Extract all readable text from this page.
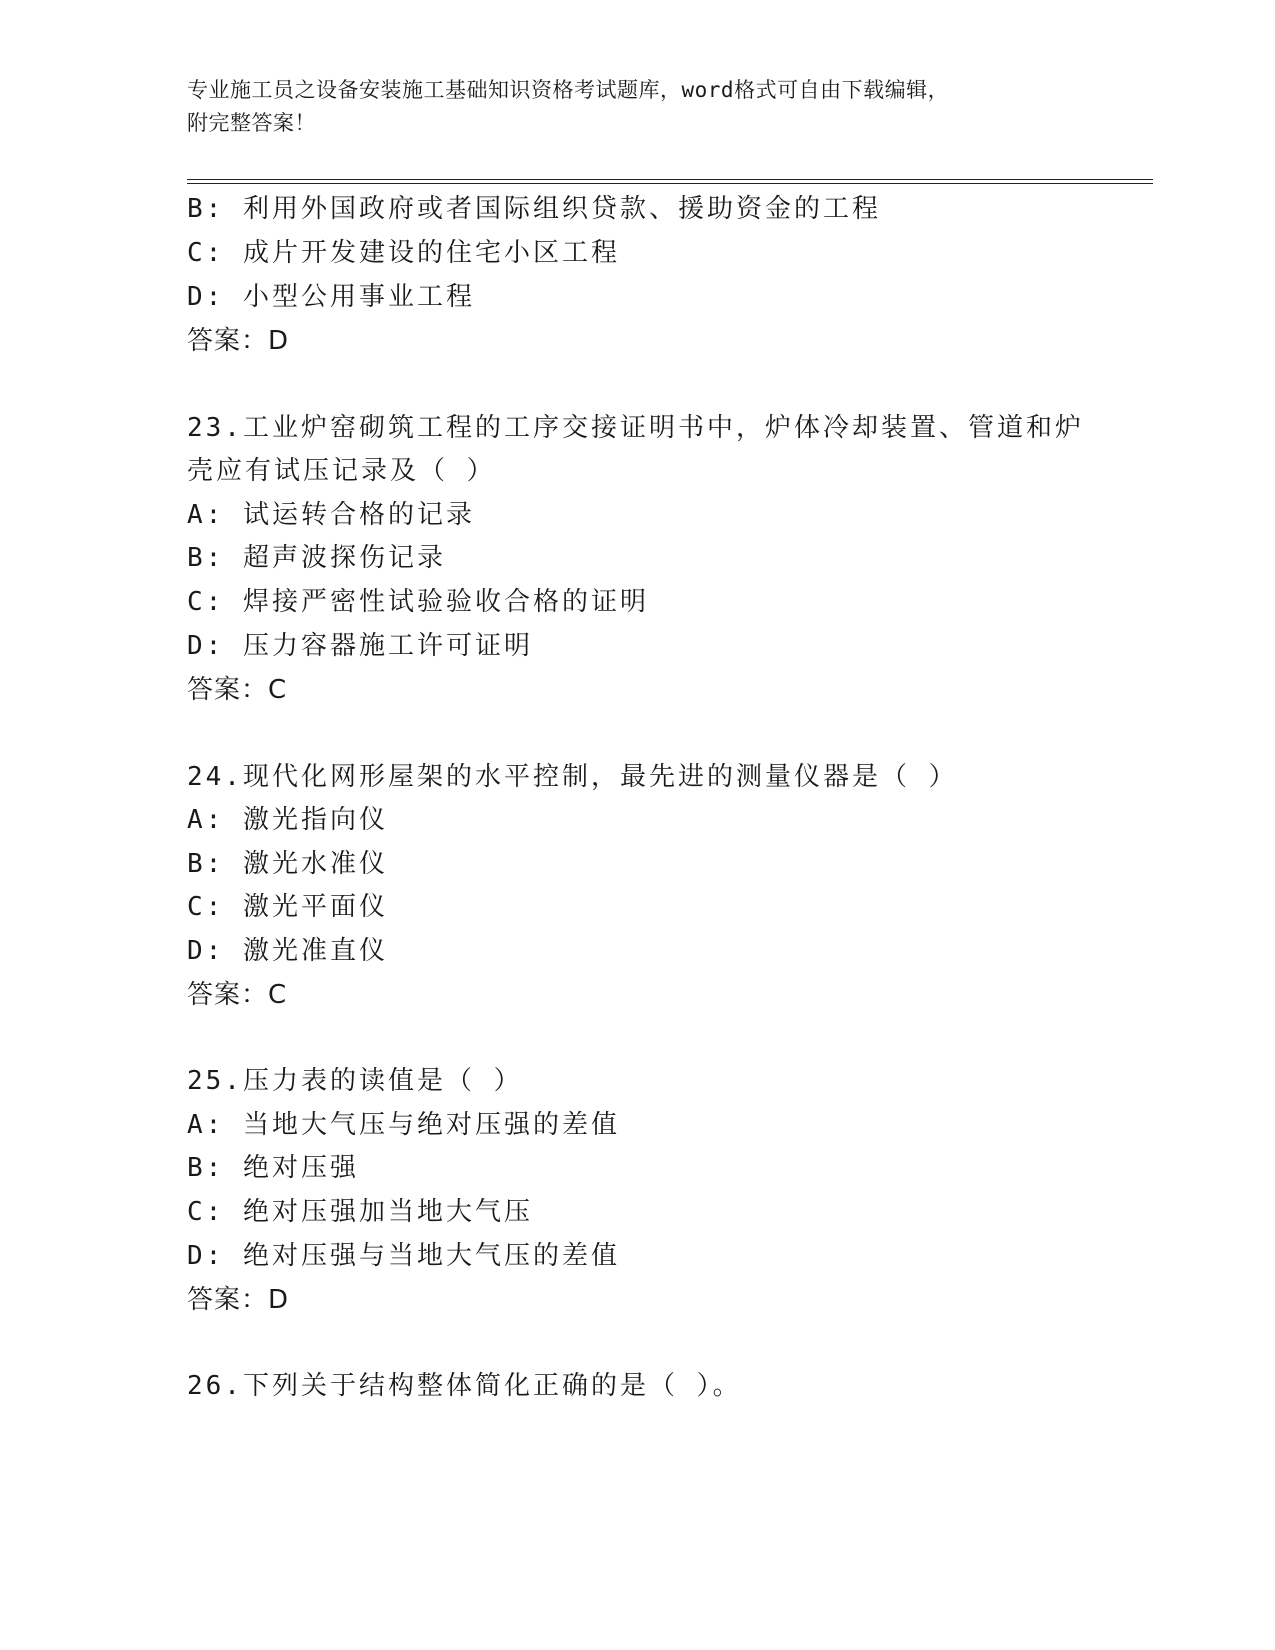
专业施工员之设备安装施工基础知识资格考试题库，word格式可自由下载编辑，
附完整答案！
B: 利用外国政府或者国际组织贷款、援助资金的工程
C: 成片开发建设的住宅小区工程
D: 小型公用事业工程
答案：D
23.工业炉窑砌筑工程的工序交接证明书中，炉体冷却装置、管道和炉
壳应有试压记录及（ ）
A: 试运转合格的记录
B: 超声波探伤记录
C: 焊接严密性试验验收合格的证明
D: 压力容器施工许可证明
答案：C
24.现代化网形屋架的水平控制，最先进的测量仪器是（ ）
A: 激光指向仪
B: 激光水准仪
C: 激光平面仪
D: 激光准直仪
答案：C
25.压力表的读值是（ ）
A: 当地大气压与绝对压强的差值
B: 绝对压强
C: 绝对压强加当地大气压
D: 绝对压强与当地大气压的差值
答案：D
26.下列关于结构整体简化正确的是（ ）。
